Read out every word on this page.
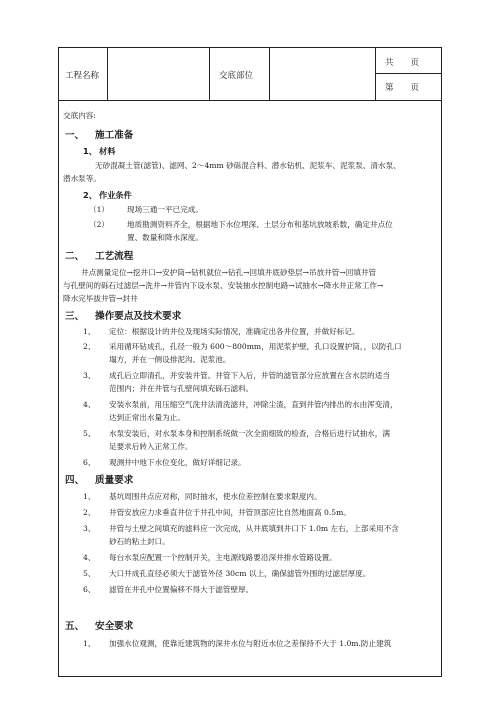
工程名称	交底部位
共　　页
第　　页
交底内容:
一、 施工准备
1、 材料
无砂混凝土管(滤管)、滤网、2～4mm 砂砾混合料、潜水钻机、泥浆车、泥浆泵、清水泵、
潜水泵等。
2、 作业条件
（1） 现场三通一平已完成。
（2） 地质勘测资料齐全，根据地下水位埋深、土层分布和基坑放坡系数，确定井点位
置、数量和降水深度。
二、 工艺流程
井点测量定位→挖井口→安护筒→钻机就位→钻孔→回填井底砂垫层→吊放井管→回填井管
与孔壁间的砾石过滤层→洗井→井管内下设水泵、安装抽水控制电路→试抽水→降水井正常工作→
降水完毕拔井管→封井
三、 操作要点及技术要求
1、 定位：根据设计的井位及现场实际情况，准确定出各井位置，并做好标记。
2、 采用循环钻成孔，孔径一般为 600～800mm，用泥浆护壁，孔口设置护筒，，以防孔口
塌方，并在一侧设排泥沟、泥浆池。
3、 成孔后立即清孔，并安装井管。井管下入后，井管的滤管部分应放置在含水层的适当
范围内；并在井管与孔壁间填充砾石滤料。
4、 安装水泵前，用压缩空气洗井法清洗滤井，冲除尘渣，直到井管内排出的水由浑变清，
达到正常出水量为止。
5、 水泵安装后，对水泵本身和控制系统做一次全面细致的检查，合格后进行试抽水，满
足要求后转入正常工作。
6、 观测井中地下水位变化，做好详细记录。
四、 质量要求
1、 基坑周围井点应对称，同时抽水，使水位差控制在要求限度内。
2、 井管安放应力求垂直井位于井孔中间，井管顶部应比自然地面高 0.5m。
3、 井管与土壁之间填充的滤料应一次完成，从井底填到井口下 1.0m 左右，上部采用不含
砂石的粘土封口。
4、 每台水泵应配置一个控制开关，主电源线路要沿深井排水管路设置。
5、 大口井成孔直径必须大于滤管外径 30cm 以上，确保滤管外围的过滤层厚度。
6、 滤管在井孔中位置偏移不得大于滤管壁厚。
五、 安全要求
1、 加强水位观测，使靠近建筑物的深井水位与附近水位之差保持不大于 1.0m.防止建筑
